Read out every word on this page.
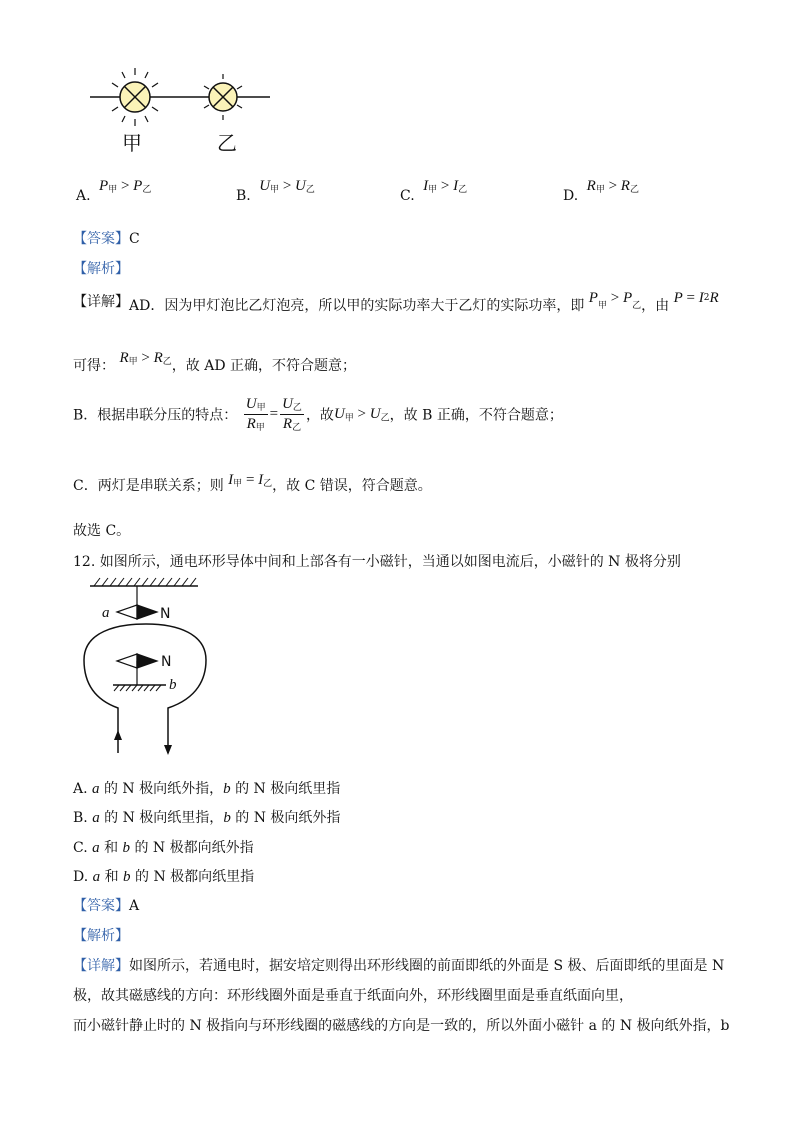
甲	乙
A. $P_甲 > P_乙$	B. $U_甲 > U_乙$	C. $I_甲 > I_乙$	D. $R_甲 > R_乙$
【答案】C
【解析】
【详解】AD．因为甲灯泡比乙灯泡亮，所以甲的实际功率大于乙灯的实际功率，即 $P_甲 > P_乙$，由 $P = I^2R$
可得： $R_甲 > R_乙$，故 AD 正确，不符合题意；
B．根据串联分压的特点： $\frac{U_甲}{R_甲} = \frac{U_乙}{R_乙}$ ，故$U_甲 > U_乙$，故 B 正确，不符合题意；
C．两灯是串联关系；则 $I_甲 = I_乙$，故 C 错误，符合题意。
故选 C。
12. 如图所示，通电环形导体中间和上部各有一小磁针，当通以如图电流后，小磁针的 N 极将分别
a	N
N
b
A. a 的 N 极向纸外指，b 的 N 极向纸里指
B. a 的 N 极向纸里指，b 的 N 极向纸外指
C. a 和 b 的 N 极都向纸外指
D. a 和 b 的 N 极都向纸里指
【答案】A
【解析】
【详解】如图所示，若通电时，据安培定则得出环形线圈的前面即纸的外面是 S 极、后面即纸的里面是 N
极，故其磁感线的方向：环形线圈外面是垂直于纸面向外，环形线圈里面是垂直纸面向里，
而小磁针静止时的 N 极指向与环形线圈的磁感线的方向是一致的，所以外面小磁针 a 的 N 极向纸外指，b
